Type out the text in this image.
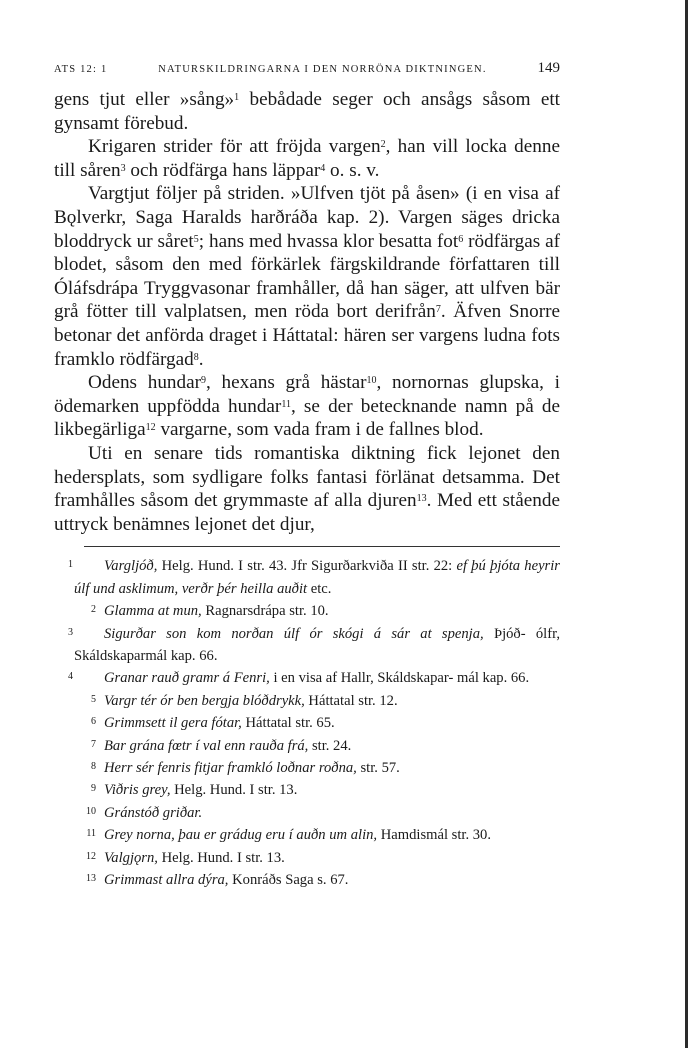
ATS 12: 1	NATURSKILDRINGARNA I DEN NORRÖNA DIKTNINGEN.	149

gens tjut eller »sång»$^1$ bebådade seger och ansågs såsom ett gynsamt förebud.

Krigaren strider för att fröjda vargen$^2$, han vill locka denne till såren$^3$ och rödfärga hans läppar$^4$ o. s. v.

Vargtjut följer på striden. »Ulfven tjöt på åsen» (i en visa af Bǫlverkr, Saga Haralds harðráða kap. 2). Vargen säges dricka bloddryck ur såret$^5$; hans med hvassa klor besatta fot$^6$ rödfärgas af blodet, såsom den med förkärlek färgskildrande författaren till Óláfsdrápa Tryggvasonar framhåller, då han säger, att ulfven bär grå fötter till valplatsen, men röda bort derifrån$^7$. Äfven Snorre betonar det anförda draget i Háttatal: hären ser vargens ludna fots framklo rödfärgad$^8$.

Odens hundar$^9$, hexans grå hästar$^{10}$, nornornas glupska, i ödemarken uppfödda hundar$^{11}$, se der betecknande namn på de likbegärliga$^{12}$ vargarne, som vada fram i de fallnes blod.

Uti en senare tids romantiska diktning fick lejonet den hedersplats, som sydligare folks fantasi förlänat detsamma. Det framhålles såsom det grymmaste af alla djuren$^{13}$. Med ett stående uttryck benämnes lejonet det djur,

1 Vargljóð, Helg. Hund. I str. 43. Jfr Sigurðarkviða II str. 22: ef þú þjóta heyrir úlf und asklimum, verðr þér heilla auðit etc.

2 Glamma at mun, Ragnarsdrápa str. 10.

3 Sigurðar son kom norðan úlf ór skógi á sár at spenja, Þjóð- ólfr, Skáldskaparmál kap. 66.

4 Granar rauð gramr á Fenri, i en visa af Hallr, Skáldskapar- mál kap. 66.

5 Vargr tér ór ben bergja blóðdrykk, Háttatal str. 12.

6 Grimmsett il gera fótar, Háttatal str. 65.

7 Bar grána fœtr í val enn rauða frá, str. 24.

8 Herr sér fenris fitjar framkló loðnar roðna, str. 57.

9 Viðris grey, Helg. Hund. I str. 13.

10 Gránstóð griðar.

11 Grey norna, þau er grádug eru í auðn um alin, Hamdismál str. 30.

12 Valgjǫrn, Helg. Hund. I str. 13.

13 Grimmast allra dýra, Konráðs Saga s. 67.
